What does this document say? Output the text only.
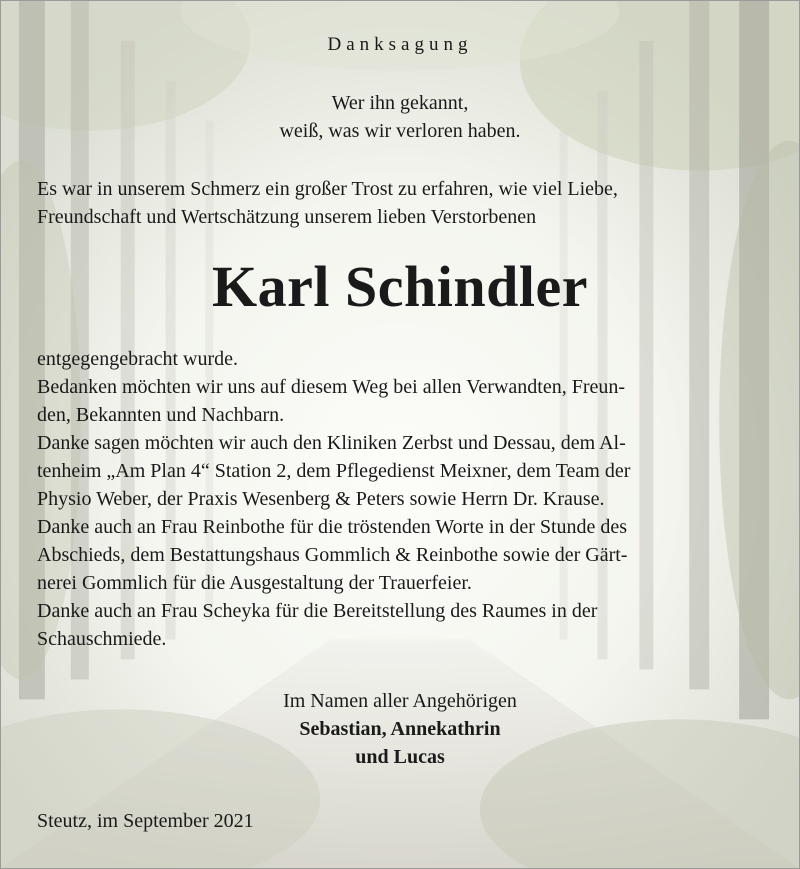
Danksagung
Wer ihn gekannt,
weiß, was wir verloren haben.
Es war in unserem Schmerz ein großer Trost zu erfahren, wie viel Liebe,
Freundschaft und Wertschätzung unserem lieben Verstorbenen
Karl Schindler
entgegengebracht wurde.
Bedanken möchten wir uns auf diesem Weg bei allen Verwandten, Freun-
den, Bekannten und Nachbarn.
Danke sagen möchten wir auch den Kliniken Zerbst und Dessau, dem Al-
tenheim „Am Plan 4“ Station 2, dem Pflegedienst Meixner, dem Team der
Physio Weber, der Praxis Wesenberg & Peters sowie Herrn Dr. Krause.
Danke auch an Frau Reinbothe für die tröstenden Worte in der Stunde des
Abschieds, dem Bestattungshaus Gommlich & Reinbothe sowie der Gärt-
nerei Gommlich für die Ausgestaltung der Trauerfeier.
Danke auch an Frau Scheyka für die Bereitstellung des Raumes in der
Schauschmiede.
Im Namen aller Angehörigen
Sebastian, Annekathrin
und Lucas
Steutz, im September 2021
